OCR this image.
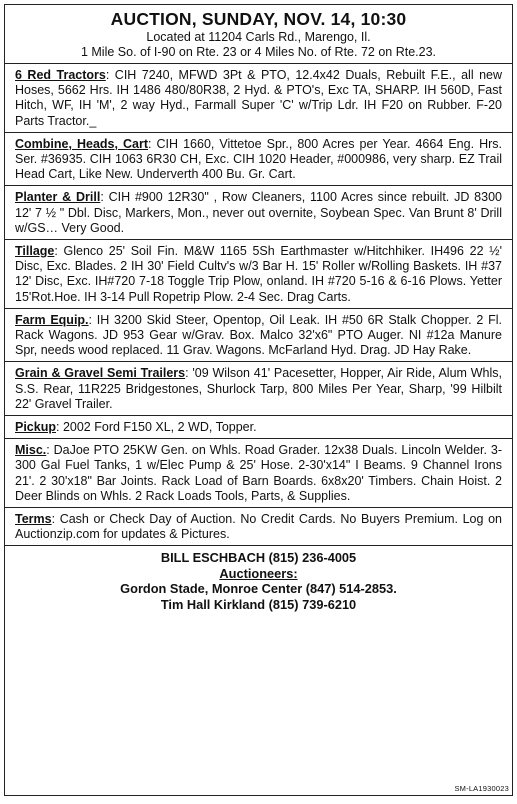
AUCTION, SUNDAY, NOV. 14, 10:30
Located at 11204 Carls Rd., Marengo, Il.
1 Mile So. of I-90 on Rte. 23 or 4 Miles No. of Rte. 72 on Rte.23.

6 Red Tractors: CIH 7240, MFWD 3Pt & PTO, 12.4x42 Duals, Rebuilt F.E., all new Hoses, 5662 Hrs. IH 1486 480/80R38, 2 Hyd. & PTO's, Exc TA, SHARP. IH 560D, Fast Hitch, WF, IH 'M', 2 way Hyd., Farmall Super 'C' w/Trip Ldr. IH F20 on Rubber. F-20 Parts Tractor._

Combine, Heads, Cart: CIH 1660, Vittetoe Spr., 800 Acres per Year. 4664 Eng. Hrs. Ser. #36935. CIH 1063 6R30 CH, Exc. CIH 1020 Header, #000986, very sharp. EZ Trail Head Cart, Like New. Underverth 400 Bu. Gr. Cart.

Planter & Drill: CIH #900 12R30" , Row Cleaners, 1100 Acres since rebuilt. JD 8300 12' 7 ½ " Dbl. Disc, Markers, Mon., never out overnite, Soybean Spec. Van Brunt 8' Drill w/GS… Very Good.

Tillage: Glenco 25' Soil Fin. M&W 1165 5Sh Earthmaster w/Hitchhiker. IH496 22 ½' Disc, Exc. Blades. 2 IH 30' Field Cultv's w/3 Bar H. 15' Roller w/Rolling Baskets. IH #37 12' Disc, Exc. IH#720 7-18 Toggle Trip Plow, onland. IH #720 5-16 & 6-16 Plows. Yetter 15'Rot.Hoe. IH 3-14 Pull Ropetrip Plow. 2-4 Sec. Drag Carts.

Farm Equip.: IH 3200 Skid Steer, Opentop, Oil Leak. IH #50 6R Stalk Chopper. 2 Fl. Rack Wagons. JD 953 Gear w/Grav. Box. Malco 32'x6" PTO Auger. NI #12a Manure Spr, needs wood replaced. 11 Grav. Wagons. McFarland Hyd. Drag. JD Hay Rake.

Grain & Gravel Semi Trailers: '09 Wilson 41' Pacesetter, Hopper, Air Ride, Alum Whls, S.S. Rear, 11R225 Bridgestones, Shurlock Tarp, 800 Miles Per Year, Sharp, '99 Hilbilt 22' Gravel Trailer.

Pickup: 2002 Ford F150 XL, 2 WD, Topper.

Misc.: DaJoe PTO 25KW Gen. on Whls. Road Grader. 12x38 Duals. Lincoln Welder. 3-300 Gal Fuel Tanks, 1 w/Elec Pump & 25' Hose. 2-30'x14" I Beams. 9 Channel Irons 21'. 2 30'x18" Bar Joints. Rack Load of Barn Boards. 6x8x20' Timbers. Chain Hoist. 2 Deer Blinds on Whls. 2 Rack Loads Tools, Parts, & Supplies.

Terms: Cash or Check Day of Auction. No Credit Cards. No Buyers Premium. Log on Auctionzip.com for updates & Pictures.

BILL ESCHBACH (815) 236-4005
Auctioneers:
Gordon Stade, Monroe Center (847) 514-2853.
Tim Hall Kirkland (815) 739-6210
SM-LA1930023
